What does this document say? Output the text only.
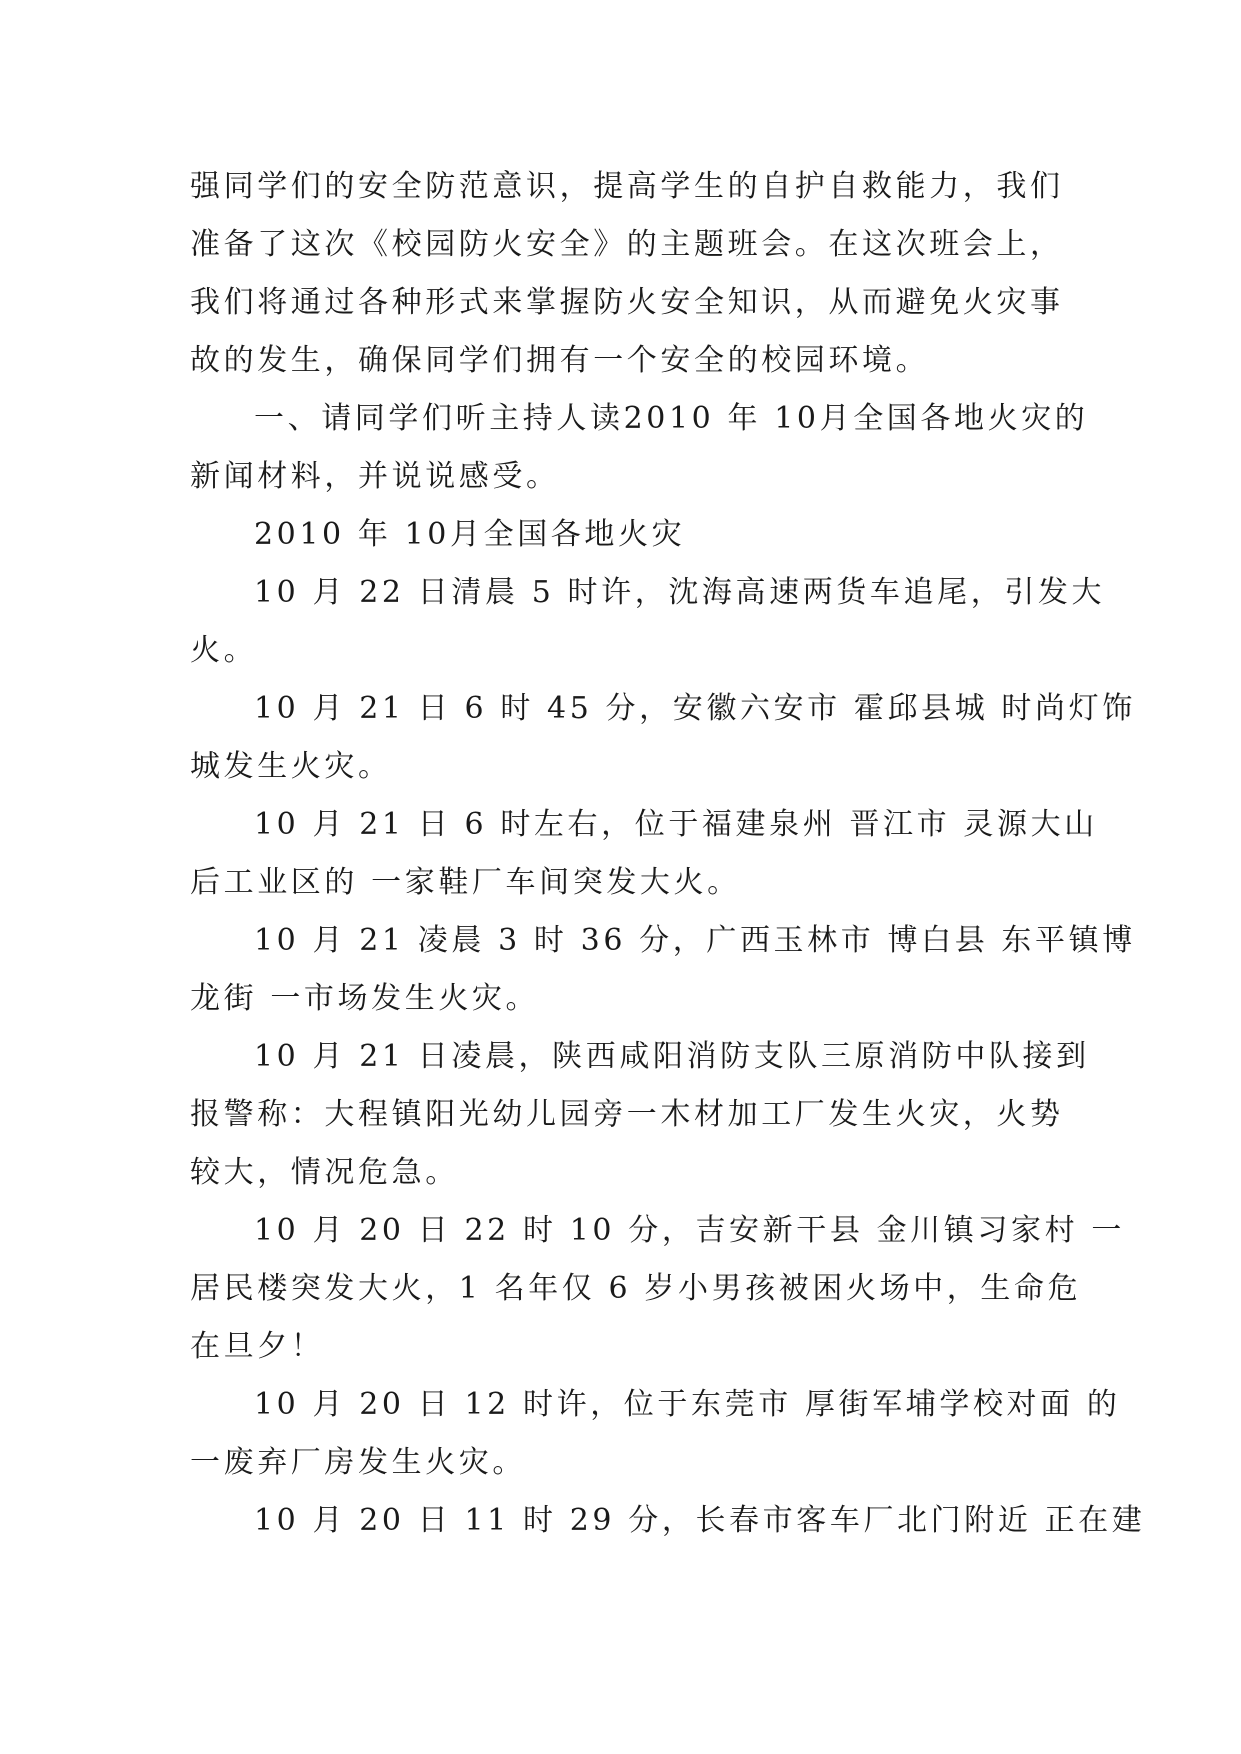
强同学们的安全防范意识，提高学生的自护自救能力，我们
准备了这次《校园防火安全》的主题班会。在这次班会上，
我们将通过各种形式来掌握防火安全知识，从而避免火灾事
故的发生，确保同学们拥有一个安全的校园环境。
一、请同学们听主持人读2010 年 10月全国各地火灾的
新闻材料，并说说感受。
2010 年 10月全国各地火灾
10 月 22 日清晨 5 时许，沈海高速两货车追尾，引发大
火。
10 月 21 日 6 时 45 分，安徽六安市 霍邱县城 时尚灯饰
城发生火灾。
10 月 21 日 6 时左右，位于福建泉州 晋江市 灵源大山
后工业区的 一家鞋厂车间突发大火。
10 月 21 凌晨 3 时 36 分，广西玉林市 博白县 东平镇博
龙街 一市场发生火灾。
10 月 21 日凌晨，陕西咸阳消防支队三原消防中队接到
报警称：大程镇阳光幼儿园旁一木材加工厂发生火灾，火势
较大，情况危急。
10 月 20 日 22 时 10 分，吉安新干县 金川镇习家村 一
居民楼突发大火，1 名年仅 6 岁小男孩被困火场中，生命危
在旦夕！
10 月 20 日 12 时许，位于东莞市 厚街军埔学校对面 的
一废弃厂房发生火灾。
10 月 20 日 11 时 29 分，长春市客车厂北门附近 正在建
